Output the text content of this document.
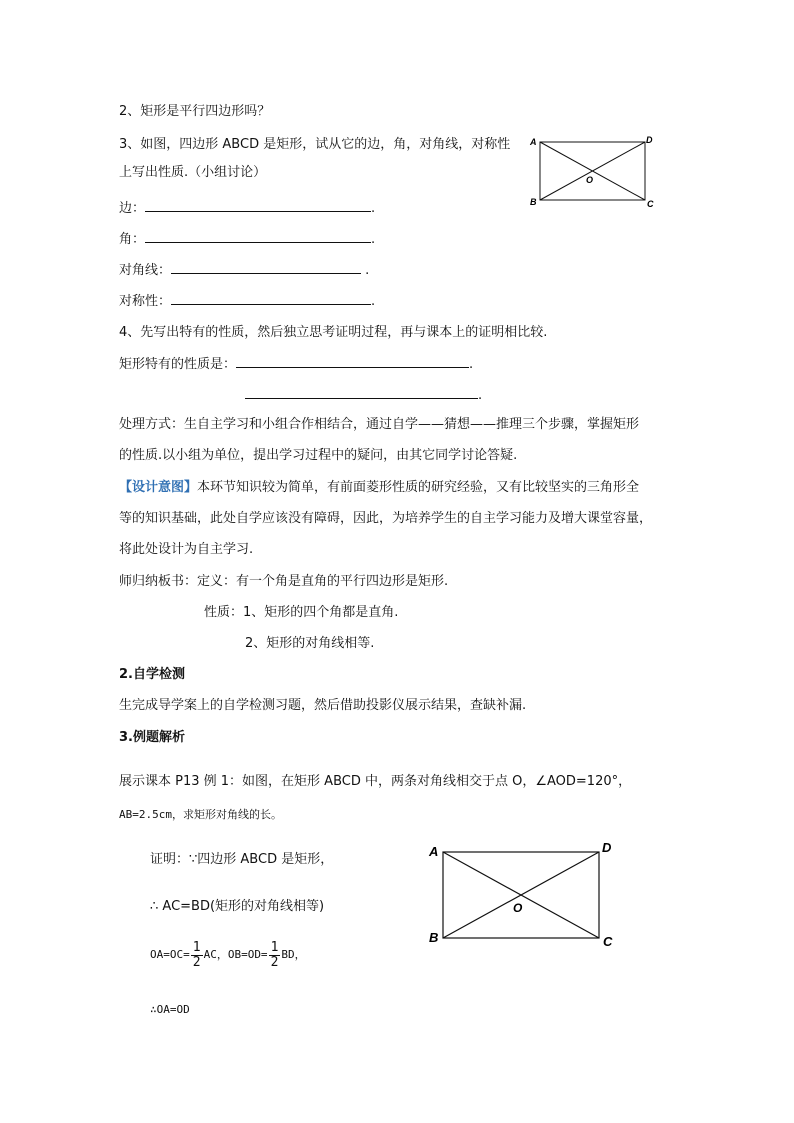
2、矩形是平行四边形吗？
3、如图，四边形 ABCD 是矩形，试从它的边，角，对角线，对称性
上写出性质.（小组讨论）
A	D
B	C
O
边：	.
角：	.
对角线：	.
对称性：	.
4、先写出特有的性质，然后独立思考证明过程，再与课本上的证明相比较.
矩形特有的性质是：	.
.
处理方式：生自主学习和小组合作相结合，通过自学——猜想——推理三个步骤，掌握矩形
的性质.以小组为单位，提出学习过程中的疑问，由其它同学讨论答疑.
【设计意图】本环节知识较为简单，有前面菱形性质的研究经验，又有比较坚实的三角形全
等的知识基础，此处自学应该没有障碍，因此，为培养学生的自主学习能力及增大课堂容量，
将此处设计为自主学习.
师归纳板书：定义：有一个角是直角的平行四边形是矩形.
性质：1、矩形的四个角都是直角.
2、矩形的对角线相等.
2.自学检测
生完成导学案上的自学检测习题，然后借助投影仪展示结果，查缺补漏.
3.例题解析
展示课本 P13 例 1：如图，在矩形 ABCD 中，两条对角线相交于点 O，∠AOD=120°，
AB=2.5cm，求矩形对角线的长。
证明：∵四边形 ABCD 是矩形，
∴ AC=BD(矩形的对角线相等)
$OA=OC= \frac{1}{2}$ AC，$OB=OD= \frac{1}{2}$ BD，
∴OA=OD
A	D
B	C
O
